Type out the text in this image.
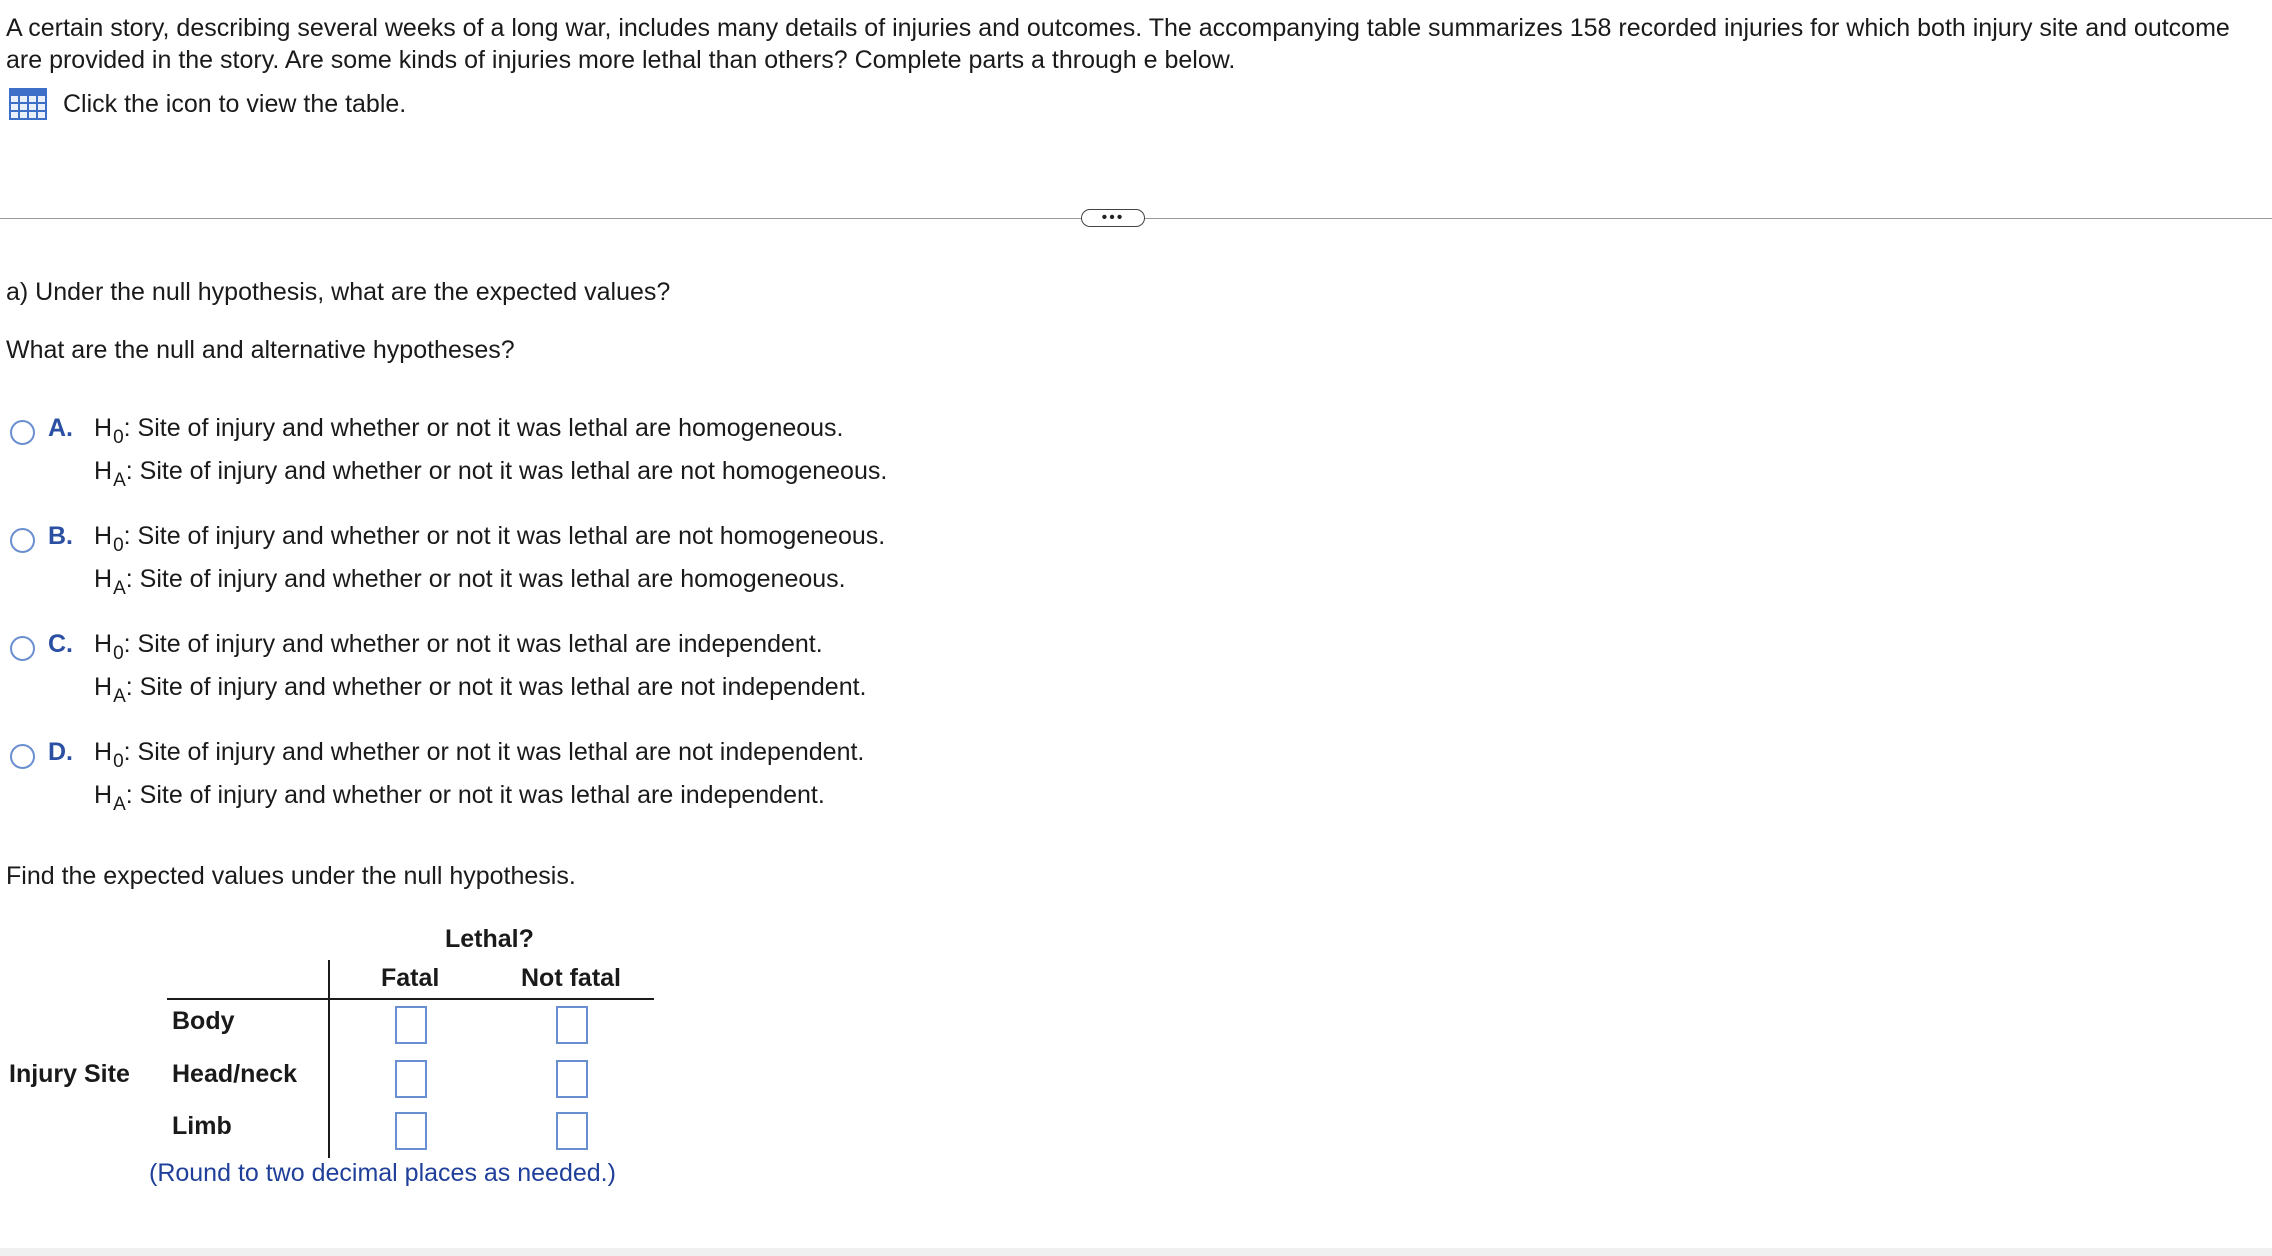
A certain story, describing several weeks of a long war, includes many details of injuries and outcomes. The accompanying table summarizes 158 recorded injuries for which both injury site and outcome are provided in the story. Are some kinds of injuries more lethal than others? Complete parts a through e below.
Click the icon to view the table.
•••
a) Under the null hypothesis, what are the expected values?
What are the null and alternative hypotheses?
A. $H_0$: Site of injury and whether or not it was lethal are homogeneous.
$H_A$: Site of injury and whether or not it was lethal are not homogeneous.
B. $H_0$: Site of injury and whether or not it was lethal are not homogeneous.
$H_A$: Site of injury and whether or not it was lethal are homogeneous.
C. $H_0$: Site of injury and whether or not it was lethal are independent.
$H_A$: Site of injury and whether or not it was lethal are not independent.
D. $H_0$: Site of injury and whether or not it was lethal are not independent.
$H_A$: Site of injury and whether or not it was lethal are independent.
Find the expected values under the null hypothesis.
Lethal?
Fatal	Not fatal
Injury Site
Body
Head/neck
Limb
(Round to two decimal places as needed.)
